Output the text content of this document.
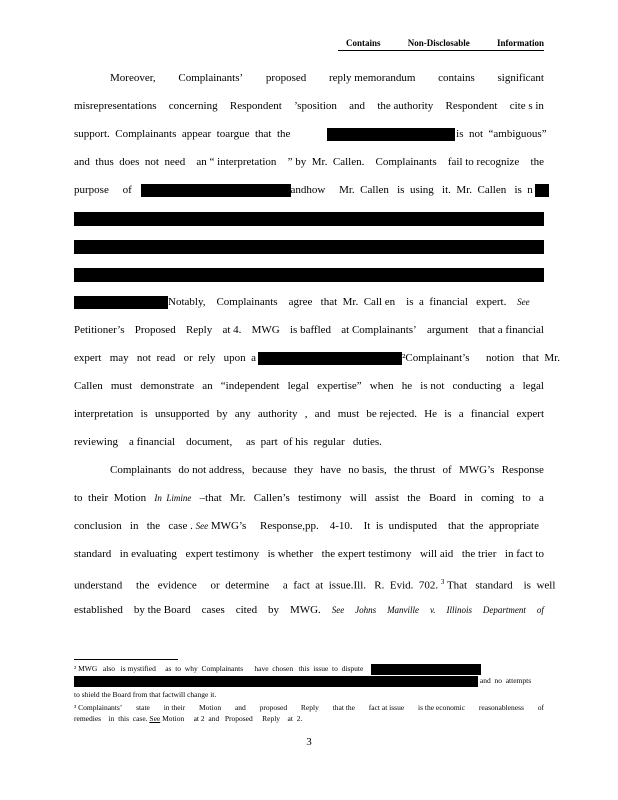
Contains	Non-Disclosable	Information
Moreover, Complainants’ proposed reply memorandum contains significant
misrepresentations concerning Respondent ’sposition and the authority Respondent cite s in
support.  Complainants  appear  toargue  that  the	is  not  “ambiguous”
and  thus  does  not  need an “ interpretation ” by  Mr.  Callen. Complainants fail to recognize the
purpose     of	andhow     Mr.  Callen   is  using   it.  Mr.  Callen   is  n
Notably,    Complainants    agree   that  Mr.  Call en    is  a  financial   expert. See
Petitioner’s Proposed Reply at 4. MWG is baffled at Complainants’ argument that a financial
expert   may   not  read   or  rely   upon  a	²Complainant’s      notion   that  Mr.
Callen must demonstrate an “independent legal expertise” when he is not conducting a legal
interpretation is unsupported by any authority , and must be rejected. He is a financial expert
reviewing    a financial    document,     as  part  of his  regular   duties.
Complainants do not address, because they have no basis, the thrust of MWG’s Response
to  their  Motion In  Limine –that Mr. Callen’s testimony will assist the Board in coming to a
conclusion   in   the   case . See MWG’s     Response,pp.    4-10.    It  is  undisputed    that  the  appropriate
standard in evaluating expert testimony is whether the expert testimony will aid the trier in fact to
understand     the   evidence     or  determine     a  fact  at  issue.Ill.   R.  Evid.  702. $^3$ That   standard    is  well
established by the Board cases cited by MWG. See Johns Manville v. Illinois Department of
² MWG   also   is mystified     as  to  why  Complainants      have  chosen   this  issue  to  dispute
and  no  attempts
to shield the Board from that factwill change it.
³ Complainants’ state in their Motion and proposed Reply that the fact at issue is the economic reasonableness of
remedies    in  this  case. See Motion     at 2  and   Proposed     Reply    at  2.
3
